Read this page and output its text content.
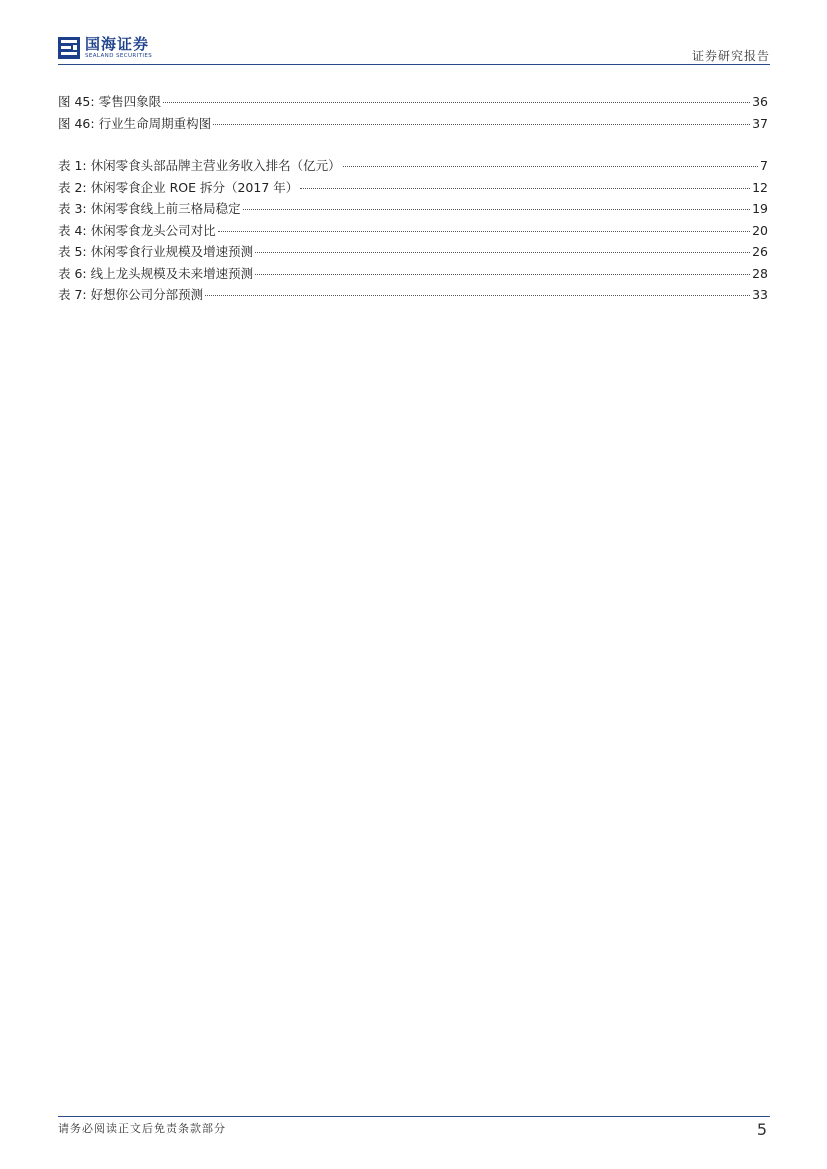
国海证券
SEALAND SECURITIES	证券研究报告
图 45: 零售四象限	36
图 46: 行业生命周期重构图	37
表 1: 休闲零食头部品牌主营业务收入排名（亿元）	7
表 2: 休闲零食企业 ROE 拆分（2017 年）	12
表 3: 休闲零食线上前三格局稳定	19
表 4: 休闲零食龙头公司对比	20
表 5: 休闲零食行业规模及增速预测	26
表 6: 线上龙头规模及未来增速预测	28
表 7: 好想你公司分部预测	33
请务必阅读正文后免责条款部分	5
